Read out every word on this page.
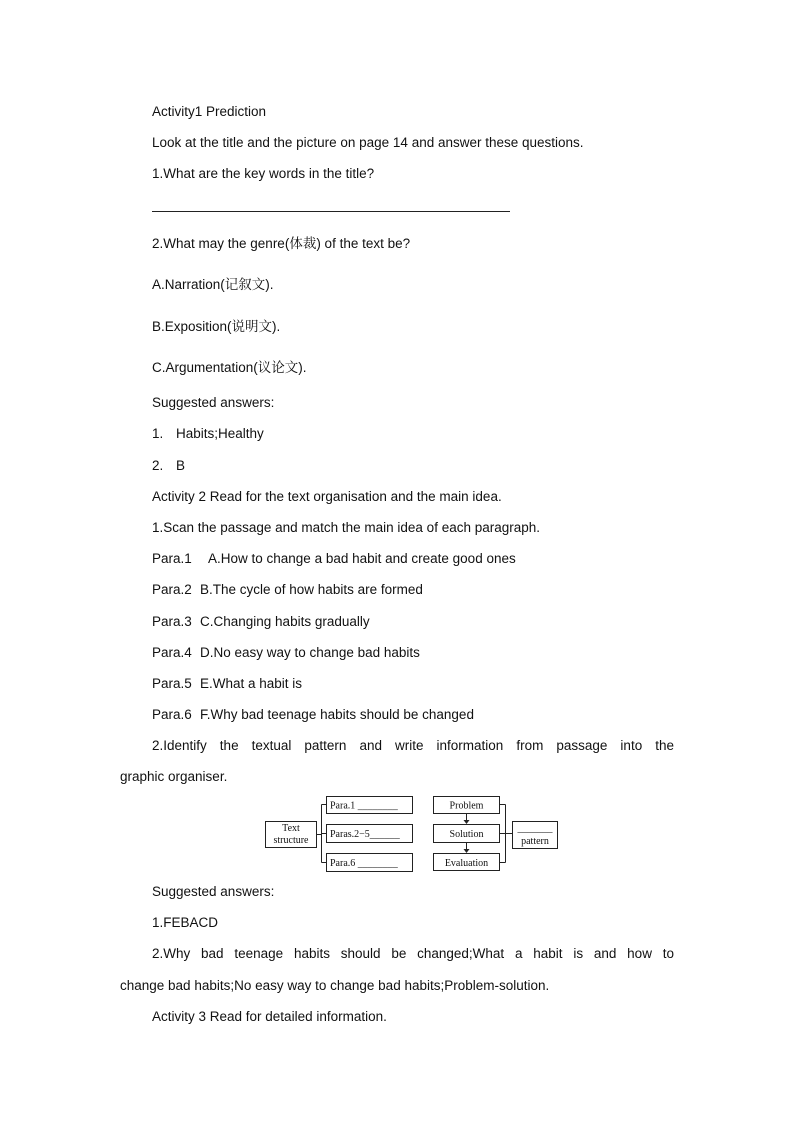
Activity1 Prediction
Look at the title and the picture on page 14 and answer these questions.
1.What are the key words in the title?
2.What may the genre(体裁) of the text be?
A.Narration(记叙文).
B.Exposition(说明文).
C.Argumentation(议论文).
Suggested answers:
1. Habits;Healthy
2. B
Activity 2 Read for the text organisation and the main idea.
1.Scan the passage and match the main idea of each paragraph.
Para.1 A.How to change a bad habit and create good ones
Para.2 B.The cycle of how habits are formed
Para.3 C.Changing habits gradually
Para.4 D.No easy way to change bad habits
Para.5 E.What a habit is
Para.6 F.Why bad teenage habits should be changed
2.Identify the textual pattern and write information from passage into the
graphic organiser.
Text
structure
Para.1 ________
Paras.2−5______
Para.6 ________
Problem
Solution
Evaluation
_______
pattern
Suggested answers:
1.FEBACD
2.Why bad teenage habits should be changed;What a habit is and how to
change bad habits;No easy way to change bad habits;Problem-solution.
Activity 3 Read for detailed information.
